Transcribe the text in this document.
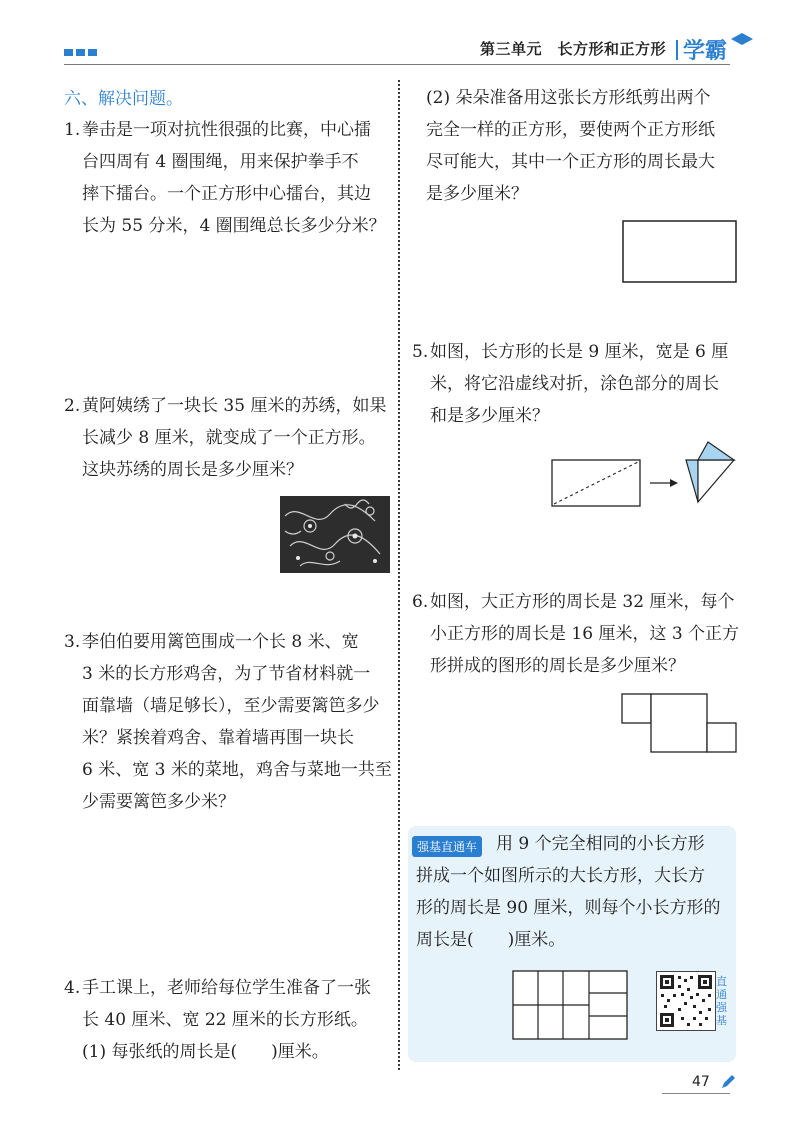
第三单元　长方形和正方形 学霸
六、解决问题。
1. 拳击是一项对抗性很强的比赛，中心擂
台四周有 4 圈围绳，用来保护拳手不
摔下擂台。一个正方形中心擂台，其边
长为 55 分米，4 圈围绳总长多少分米？
2. 黄阿姨绣了一块长 35 厘米的苏绣，如果
长减少 8 厘米，就变成了一个正方形。
这块苏绣的周长是多少厘米？
3. 李伯伯要用篱笆围成一个长 8 米、宽
3 米的长方形鸡舍，为了节省材料就一
面靠墙（墙足够长），至少需要篱笆多少
米？紧挨着鸡舍、靠着墙再围一块长
6 米、宽 3 米的菜地，鸡舍与菜地一共至
少需要篱笆多少米？
4. 手工课上，老师给每位学生准备了一张
长 40 厘米、宽 22 厘米的长方形纸。
(1) 每张纸的周长是(　　)厘米。
(2) 朵朵准备用这张长方形纸剪出两个
完全一样的正方形，要使两个正方形纸
尽可能大，其中一个正方形的周长最大
是多少厘米？
5. 如图，长方形的长是 9 厘米，宽是 6 厘
米，将它沿虚线对折，涂色部分的周长
和是多少厘米？
6. 如图，大正方形的周长是 32 厘米，每个
小正方形的周长是 16 厘米，这 3 个正方
形拼成的图形的周长是多少厘米？
强基直通车 用 9 个完全相同的小长方形
拼成一个如图所示的大长方形，大长方
形的周长是 90 厘米，则每个小长方形的
周长是(　　)厘米。
直通强基
47
